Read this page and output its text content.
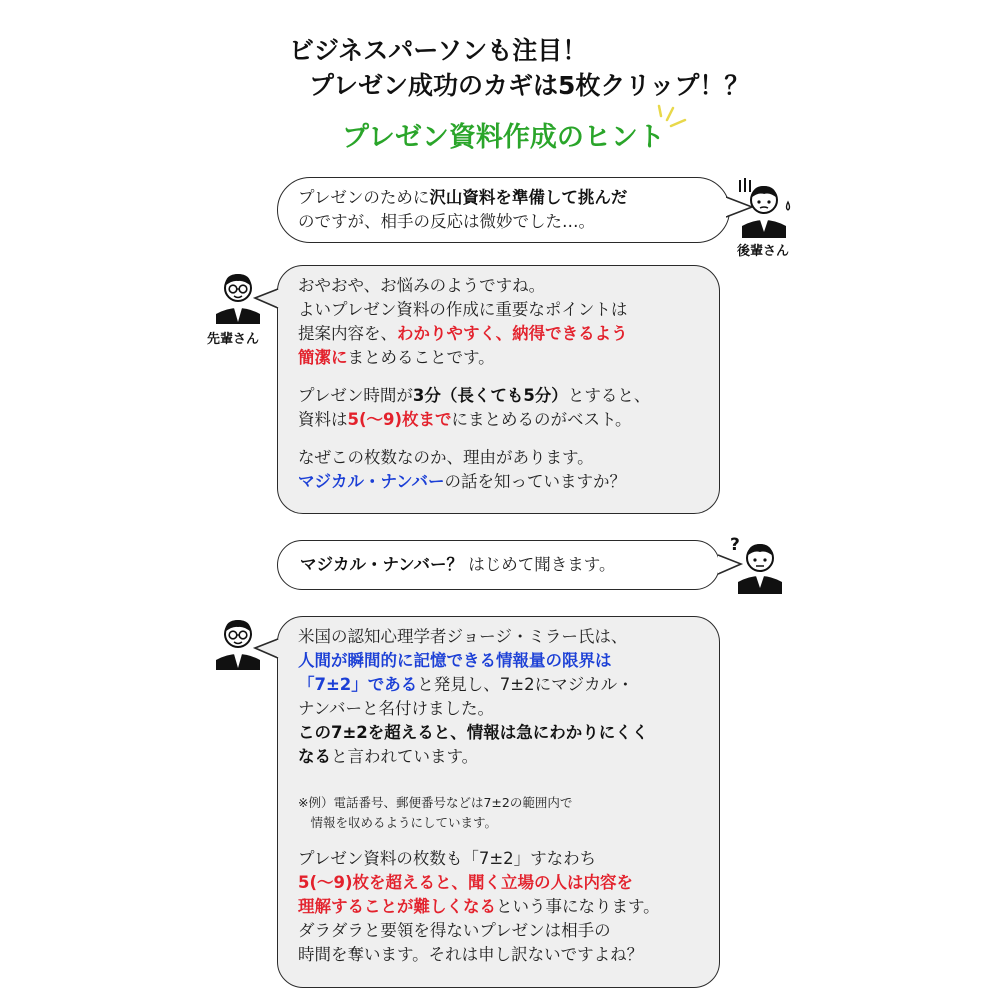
ビジネスパーソンも注目！
プレゼン成功のカギは5枚クリップ！？
プレゼン資料作成のヒント

プレゼンのために沢山資料を準備して挑んだ

のですが、相手の反応は微妙でした…。

後輩さん
先輩さん

おやおや、お悩みのようですね。

よいプレゼン資料の作成に重要なポイントは

提案内容を、わかりやすく、納得できるよう

簡潔にまとめることです。

プレゼン時間が3分（長くても5分）とすると、

資料は5(〜9)枚までにまとめるのがベスト。

なぜこの枚数なのか、理由があります。

マジカル・ナンバーの話を知っていますか？

マジカル・ナンバー？ はじめて聞きます。
?

米国の認知心理学者ジョージ・ミラー氏は、

人間が瞬間的に記憶できる情報量の限界は

「7±2」であると発見し、7±2にマジカル・

ナンバーと名付けました。

この7±2を超えると、情報は急にわかりにくく

なると言われています。

※例）電話番号、郵便番号などは7±2の範囲内で

　情報を収めるようにしています。

プレゼン資料の枚数も「7±2」すなわち

5(〜9)枚を超えると、聞く立場の人は内容を

理解することが難しくなるという事になります。

ダラダラと要領を得ないプレゼンは相手の

時間を奪います。それは申し訳ないですよね？
